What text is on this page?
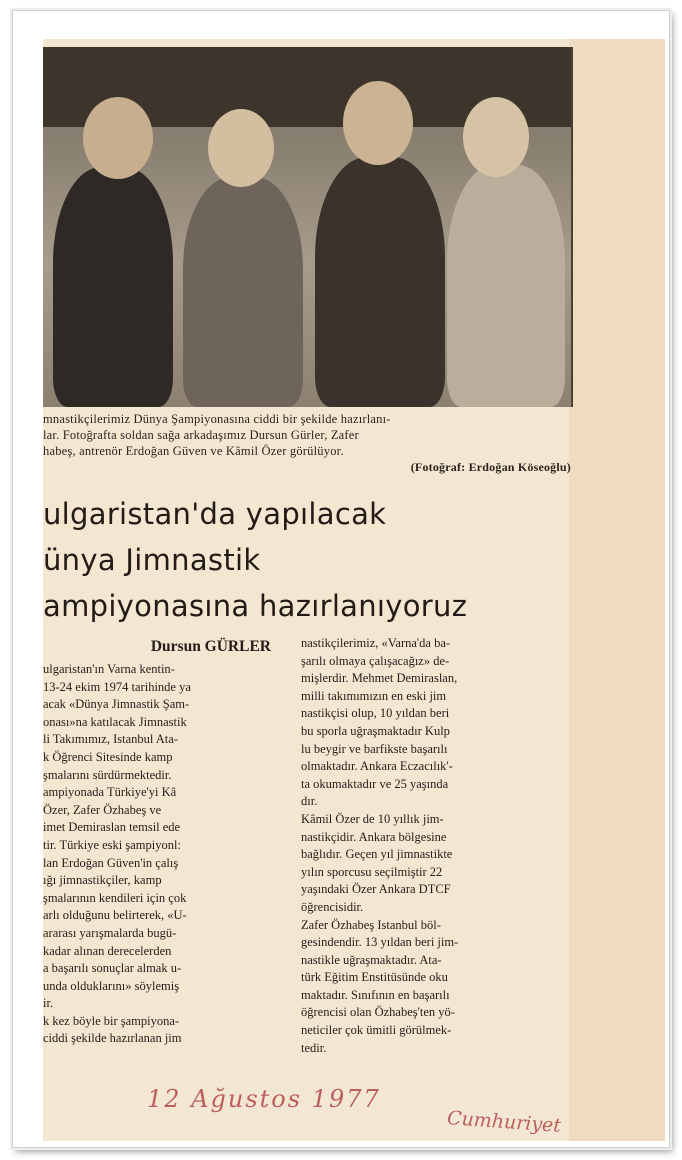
mnastikçilerimiz Dünya Şampiyonasına ciddi bir şekilde hazırlanı-
lar. Fotoğrafta soldan sağa arkadaşımız Dursun Gürler, Zafer
habeş, antrenör Erdoğan Güven ve Kâmil Özer görülüyor.
(Fotoğraf: Erdoğan Köseoğlu)
ulgaristan'da yapılacak
ünya Jimnastik
ampiyonasına hazırlanıyoruz
Dursun GÜRLER
ulgaristan'ın Varna kentin-
13-24 ekim 1974 tarihinde ya
acak «Dünya Jimnastik Şam-
onası»na katılacak Jimnastik
li Takımımız, Istanbul Ata-
k Öğrenci Sitesinde kamp
şmalarını sürdürmektedir.
ampiyonada Türkiye'yi Kâ
Özer, Zafer Özhabeş ve
imet Demiraslan temsil ede
tir. Türkiye eski şampiyonl:
lan Erdoğan Güven'in çalış
ığı jimnastikçiler, kamp
şmalarının kendileri için çok
arlı olduğunu belirterek, «U-
ararası yarışmalarda bugü-
kadar alınan derecelerden
a başarılı sonuçlar almak u-
unda olduklarını» söylemiş
ir.
k kez böyle bir şampiyona-
ciddi şekilde hazırlanan jim
nastikçilerimiz, «Varna'da ba-
şarılı olmaya çalışacağız» de-
mişlerdir. Mehmet Demiraslan,
milli takımımızın en eski jim
nastikçisi olup, 10 yıldan beri
bu sporla uğraşmaktadır Kulp
lu beygir ve barfikste başarılı
olmaktadır. Ankara Eczacılık'-
ta okumaktadır ve 25 yaşında
dır.
Kâmil Özer de 10 yıllık jim-
nastikçidir. Ankara bölgesine
bağlıdır. Geçen yıl jimnastikte
yılın sporcusu seçilmiştir 22
yaşındaki Özer Ankara DTCF
öğrencisidir.
Zafer Özhabeş Istanbul böl-
gesindendir. 13 yıldan beri jim-
nastikle uğraşmaktadır. Ata-
türk Eğitim Enstitüsünde oku
maktadır. Sınıfının en başarılı
öğrencisi olan Özhabeş'ten yö-
neticiler çok ümitli görülmek-
tedir.
12 Ağustos 1977
Cumhuriyet
